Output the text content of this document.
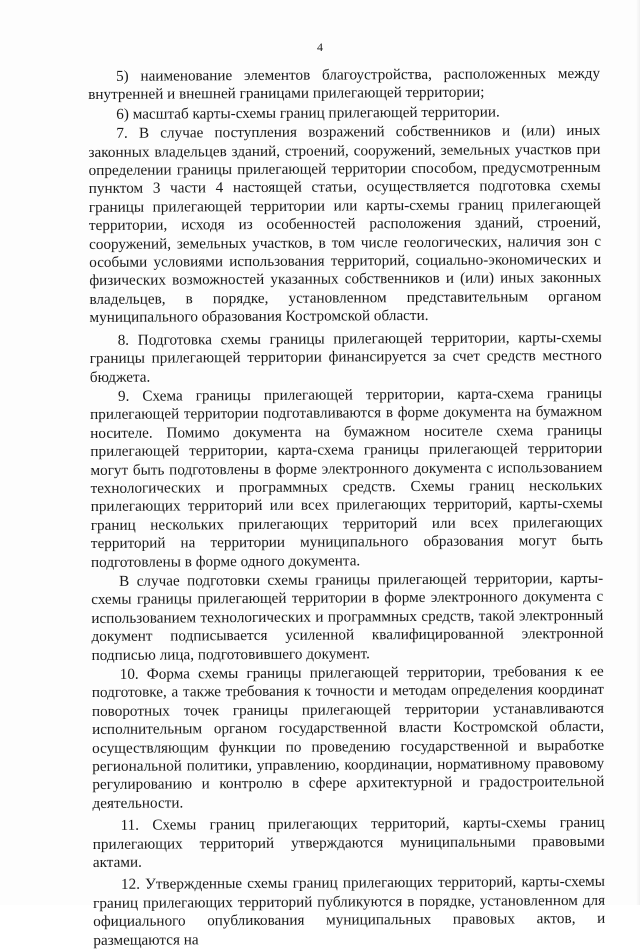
4

5) наименование элементов благоустройства, расположенных между внутренней и внешней границами прилегающей территории;

6) масштаб карты-схемы границ прилегающей территории.

7. В случае поступления возражений собственников и (или) иных законных владельцев зданий, строений, сооружений, земельных участков при определении границы прилегающей территории способом, предусмотренным пунктом 3 части 4 настоящей статьи, осуществляется подготовка схемы границы прилегающей территории или карты-схемы границ прилегающей территории, исходя из особенностей расположения зданий, строений, сооружений, земельных участков, в том числе геологических, наличия зон с особыми условиями использования территорий, социально-экономических и физических возможностей указанных собственников и (или) иных законных владельцев, в порядке, установленном представительным органом муниципального образования Костромской области.

8. Подготовка схемы границы прилегающей территории, карты-схемы границы прилегающей территории финансируется за счет средств местного бюджета.

9. Схема границы прилегающей территории, карта-схема границы прилегающей территории подготавливаются в форме документа на бумажном носителе. Помимо документа на бумажном носителе схема границы прилегающей территории, карта-схема границы прилегающей территории могут быть подготовлены в форме электронного документа с использованием технологических и программных средств. Схемы границ нескольких прилегающих территорий или всех прилегающих территорий, карты-схемы границ нескольких прилегающих территорий или всех прилегающих территорий на территории муниципального образования могут быть подготовлены в форме одного документа.

В случае подготовки схемы границы прилегающей территории, карты-схемы границы прилегающей территории в форме электронного документа с использованием технологических и программных средств, такой электронный документ подписывается усиленной квалифицированной электронной подписью лица, подготовившего документ.

10. Форма схемы границы прилегающей территории, требования к ее подготовке, а также требования к точности и методам определения координат поворотных точек границы прилегающей территории устанавливаются исполнительным органом государственной власти Костромской области, осуществляющим функции по проведению государственной и выработке региональной политики, управлению, координации, нормативному правовому регулированию и контролю в сфере архитектурной и градостроительной деятельности.

11. Схемы границ прилегающих территорий, карты-схемы границ прилегающих территорий утверждаются муниципальными правовыми актами.

12. Утвержденные схемы границ прилегающих территорий, карты-схемы границ прилегающих территорий публикуются в порядке, установленном для официального опубликования муниципальных правовых актов, и размещаются на
